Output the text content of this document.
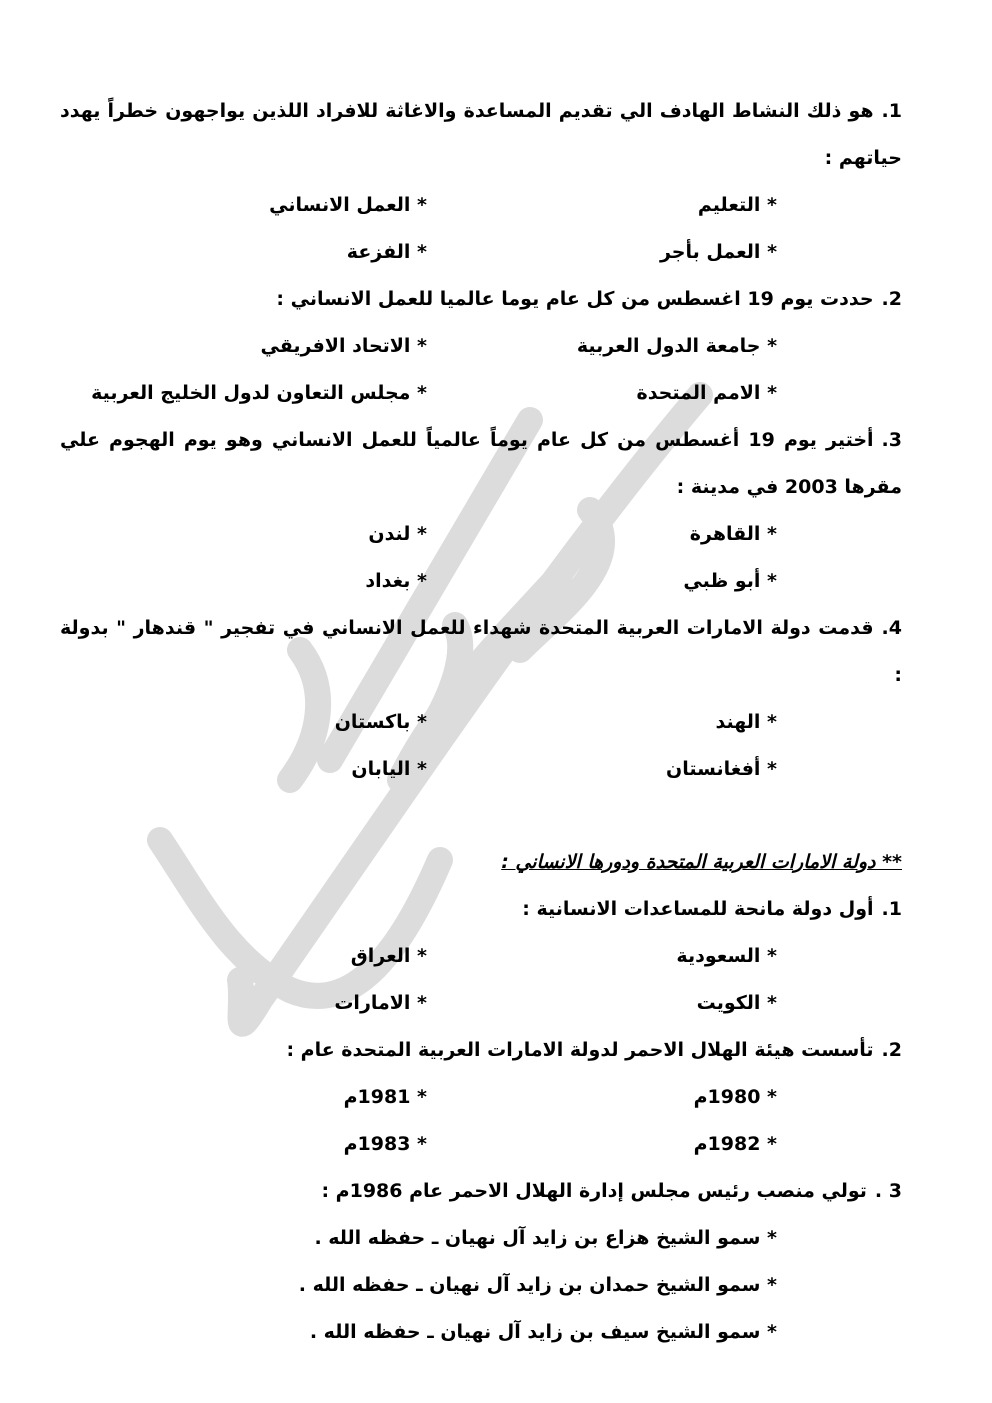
1.هو ذلك النشاط الهادف الي تقديم المساعدة والاغاثة للافراد اللذين يواجهون خطراً يهدد حياتهم :
* التعليم
* العمل الانساني
* العمل بأجر
* الفزعة
2.حددت يوم 19 اغسطس من كل عام يوما عالميا للعمل الانساني :
* جامعة الدول العربية
* الاتحاد الافريقي
* الامم المتحدة
* مجلس التعاون لدول الخليج العربية
3.أختير يوم 19 أغسطس من كل عام يوماً عالمياً للعمل الانساني وهو يوم الهجوم علي مقرها 2003 في مدينة :
* القاهرة
* لندن
* أبو ظبي
* بغداد
4.قدمت دولة الامارات العربية المتحدة شهداء للعمل الانساني في تفجير " قندهار " بدولة :
* الهند
* باكستان
* أفغانستان
* اليابان
** دولة الامارات العربية المتحدة ودورها الانساني :
1.أول دولة مانحة للمساعدات الانسانية :
* السعودية
* العراق
* الكويت
* الامارات
2.تأسست هيئة الهلال الاحمر لدولة الامارات العربية المتحدة عام :
* 1980م
* 1981م
* 1982م
* 1983م
3 .تولي منصب رئيس مجلس إدارة الهلال الاحمر عام 1986م :
* سمو الشيخ هزاع بن زايد آل نهيان ـ حفظه الله .
* سمو الشيخ حمدان بن زايد آل نهيان ـ حفظه الله .
* سمو الشيخ سيف بن زايد آل نهيان ـ حفظه الله .
